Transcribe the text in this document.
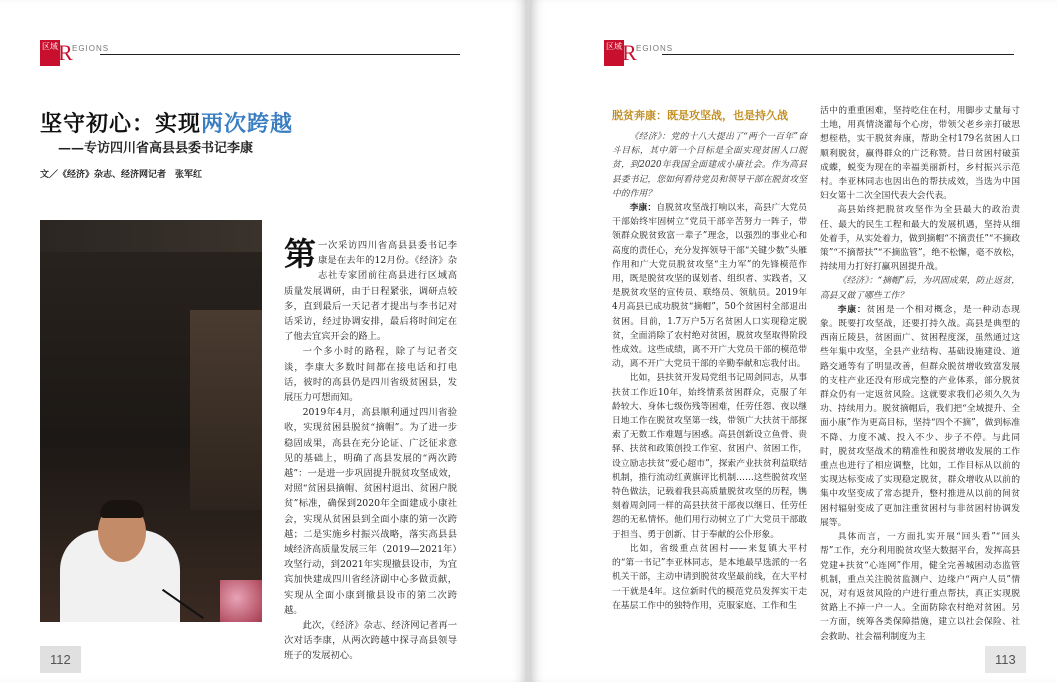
区域 R EGIONS
坚守初心：实现两次跨越
——专访四川省高县县委书记李康
文／《经济》杂志、经济网记者　张军红

第一次采访四川省高县县委书记李康是在去年的12月份。《经济》杂志社专家团前往高县进行区域高质量发展调研，由于日程紧张，调研点较多，直到最后一天记者才提出与李书记对话采访，经过协调安排，最后将时间定在了他去宜宾开会的路上。

一个多小时的路程，除了与记者交谈，李康大多数时间都在接电话和打电话，彼时的高县仍是四川省级贫困县，发展压力可想而知。

2019年4月，高县顺利通过四川省验收，实现贫困县脱贫“摘帽”。为了进一步稳固成果，高县在充分论证、广泛征求意见的基础上，明确了高县发展的“两次跨越”：一是进一步巩固提升脱贫攻坚成效，对照“贫困县摘帽、贫困村退出、贫困户脱贫”标准，确保到2020年全面建成小康社会，实现从贫困县到全面小康的第一次跨越；二是实施乡村振兴战略，落实高县县域经济高质量发展三年（2019—2021年）攻坚行动，到2021年实现撤县设市，为宜宾加快建成四川省经济副中心多做贡献，实现从全面小康到撤县设市的第二次跨越。

此次，《经济》杂志、经济网记者再一次对话李康，从两次跨越中探寻高县领导班子的发展初心。

112
区域 R EGIONS
113
脱贫奔康：既是攻坚战，也是持久战

《经济》：党的十八大提出了“两个一百年”奋斗目标，其中第一个目标是全面实现贫困人口脱贫，到2020年我国全面建成小康社会。作为高县县委书记，您如何看待党员和领导干部在脱贫攻坚中的作用？

李康：自脱贫攻坚战打响以来，高县广大党员干部始终牢固树立“党员干部辛苦努力一阵子，带领群众脱贫致富一辈子”理念，以强烈的事业心和高度的责任心，充分发挥领导干部“关键少数”头雁作用和广大党员脱贫攻坚“主力军”的先锋模范作用，既是脱贫攻坚的谋划者、组织者、实践者，又是脱贫攻坚的宣传员、联络员、领航员。2019年4月高县已成功脱贫“摘帽”，50个贫困村全部退出贫困。目前，1.7万户5万名贫困人口实现稳定脱贫，全面消除了农村绝对贫困，脱贫攻坚取得阶段性成效。这些成绩，离不开广大党员干部的模范带动，离不开广大党员干部的辛勤奉献和忘我付出。

比如，县扶贫开发局党组书记周剑同志，从事扶贫工作近10年，始终情系贫困群众，克服了年龄较大、身体七级伤残等困难，任劳任怨、夜以继日地工作在脱贫攻坚第一线，带领广大扶贫干部探索了无数工作难题与困惑。高县创新设立鱼骨、贵驿、扶贫和政策创投工作室、贫困户、贫困工作，设立励志扶贫“爱心超市”，探索产业扶贫利益联结机制，推行流动红黄旗评比机制……这些脱贫攻坚特色做法，记载着我县高质量脱贫攻坚的历程，镌刻着周剑同一样的高县扶贫干部夜以继日、任劳任怨的无私情怀。他们用行动树立了广大党员干部敢于担当、勇于创新、甘于奉献的公仆形象。

比如，省级重点贫困村——来复镇大平村的“第一书记”李亚林同志，是本地最早选派的一名机关干部，主动申请到脱贫攻坚最前线，在大平村一干就是4年。这位新时代的模范党员发挥实干走在基层工作中的独特作用，克服家庭、工作和生

活中的重重困难，坚持吃住在村，用脚步丈量每寸土地，用真情浇灌每个心房，带领父老乡亲打破思想桎梏，实干脱贫奔康，帮助全村179名贫困人口顺利脱贫，赢得群众的广泛称赞。昔日贫困村破茧成蝶，蜕变为现在的幸福美丽新村，乡村振兴示范村。李亚林同志也因出色的帮扶成效，当选为中国妇女第十二次全国代表大会代表。

高县始终把脱贫攻坚作为全县最大的政治责任、最大的民生工程和最大的发展机遇，坚持从细处着手，从实处着力，做到摘帽“不摘责任”“不摘政策”“不摘帮扶”“不摘监管”，绝不松懈，毫不放松，持续用力打好打赢巩固提升战。

《经济》：“摘帽”后，为巩固成果，防止返贫，高县又做了哪些工作？

李康：贫困是一个相对概念，是一种动态现象。既要打攻坚战，还要打持久战。高县是典型的西南丘陵县，贫困面广、贫困程度深，虽然通过这些年集中攻坚，全县产业结构、基础设施建设、道路交通等有了明显改善，但群众脱贫增收致富发展的支柱产业还没有形成完整的产业体系，部分脱贫群众仍有一定返贫风险。这就要求我们必须久久为功、持续用力。脱贫摘帽后，我们把“全域提升、全面小康”作为更高目标，坚持“四个不摘”，做到标准不降、力度不减、投入不少、步子不停。与此同时，脱贫攻坚战术的精准性和脱贫增收发展的工作重点也进行了相应调整，比如，工作目标从以前的实现达标变成了实现稳定脱贫，群众增收从以前的集中攻坚变成了常态提升，整村推进从以前的间贫困村辐射变成了更加注重贫困村与非贫困村协调发展等。

具体而言，一方面扎实开展“回头看”“回头帮”工作，充分利用脱贫攻坚大数据平台，发挥高县党建+扶贫“心连网”作用，健全完善城困动态监管机制，重点关注脱贫监测户、边缘户“两户人员”情况，对有返贫风险的户进行重点帮扶，真正实现脱贫路上不掉一户一人。全面防除农村绝对贫困。另一方面，统筹各类保障措施，建立以社会保险、社会救助、社会福利制度为主
